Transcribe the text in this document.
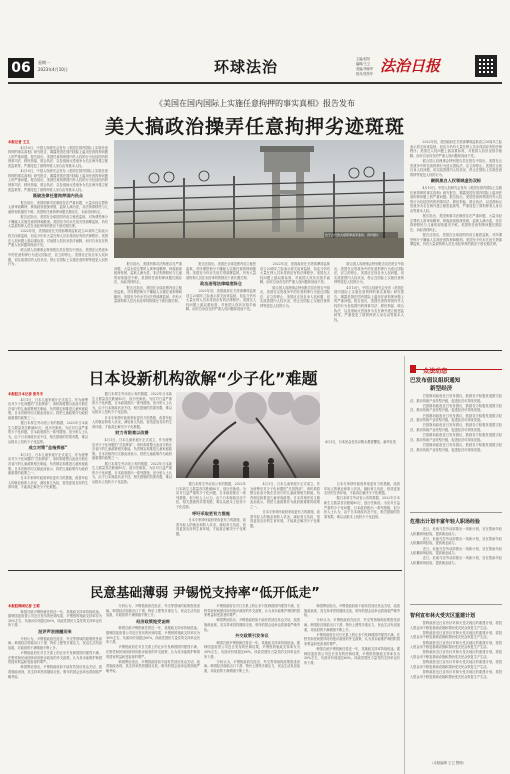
06	星期一
2023年4月10日	环球法治	主编/赵阳
编辑/王卫
美编/李晓军
校对/张彤华 法治日报
《美国在国内国际上实施任意拘押的事实真相》报告发布
美大搞政治操弄任意拘押劣迹斑斑
本报记者 王卫

　　4月10日，中国人权研究会发布《美国在国内国际上实施任意拘押的事实真相》研究报告，揭露美国在国内国际上滥用任意拘押问题上的严重问题。报告指出，美国任意拘押国内外人权的行为包括国内的刑事司法、移民拘留、联合执法、以及借助反恐战争为名在海外建立秘密监狱等，严重侵犯了被拘押者人身自由等基本人权。

　　4月10日，中国人权研究会发布《美国在国内国际上实施任意拘押的事实真相》研究报告，揭露美国在国内国际上滥用任意拘押问题上的严重问题。报告指出，美国任意拘押国内外人权的行为包括国内的刑事司法、移民拘留、联合执法、以及借助反恐战争为名在海外建立秘密监狱等，严重侵犯了被拘押者人身自由等基本人权。

既破法律任意拘押国内民众

　　报告指出，美国刑事司法制度存在严重问题，大量未经定罪的人被审前羁押，种族歧视根深蒂固，监狱人满为患，非法拘押移民与儿童的现象屡见不鲜。美国的任意拘押问题长期存在，未能得到纠正。

　　报告还指出，美国在全球范围内设立秘密监狱，对所谓恐怖分子嫌疑人实施任意拘押和酷刑。美国至今仍未关闭关塔那摩监狱，仍有大量被拘押人员在未经审判的情况下被长期关押。

　　2022年初，美国政府在关塔那摩湾监狱设立20周年之际表示将关闭该监狱，但迄今仍有大量在押人员未得到应有的法律程序。美国在人权问题上搞双重标准，对他国人权状况指手画脚，而对自身存在的严重人权问题却视而不见。

　　联合国人权理事会特别报告员在报告中指出，美国在反恐战争中的任意拘押行为违反国际法，应立即停止。美国应正视自身人权问题，切实改善国内人权状况，停止在国际上实施任意拘押等侵犯人权的行为。

位于古巴的关塔那摩美军监狱。资料图片

　　报告指出，美国刑事司法制度存在严重问题，大量未经定罪的人被审前羁押，种族歧视根深蒂固，监狱人满为患，非法拘押移民与儿童的现象屡见不鲜。美国的任意拘押问题长期存在，未能得到纠正。

　　报告还指出，美国在全球范围内设立秘密监狱，对所谓恐怖分子嫌疑人实施任意拘押和酷刑。美国至今仍未关闭关塔那摩监狱，仍有大量被拘押人员在未经审判的情况下被长期关押。

　　报告还指出，美国在全球范围内设立秘密监狱，对所谓恐怖分子嫌疑人实施任意拘押和酷刑。美国至今仍未关闭关塔那摩监狱，仍有大量被拘押人员在未经审判的情况下被长期关押。

政治凌驾法律暗度陈仓

　　2022年初，美国政府在关塔那摩湾监狱设立20周年之际表示将关闭该监狱，但迄今仍有大量在押人员未得到应有的法律程序。美国在人权问题上搞双重标准，对他国人权状况指手画脚，而对自身存在的严重人权问题却视而不见。

　　2022年初，美国政府在关塔那摩湾监狱设立20周年之际表示将关闭该监狱，但迄今仍有大量在押人员未得到应有的法律程序。美国在人权问题上搞双重标准，对他国人权状况指手画脚，而对自身存在的严重人权问题却视而不见。

　　联合国人权理事会特别报告员在报告中指出，美国在反恐战争中的任意拘押行为违反国际法，应立即停止。美国应正视自身人权问题，切实改善国内人权状况，停止在国际上实施任意拘押等侵犯人权的行为。

　　联合国人权理事会特别报告员在报告中指出，美国在反恐战争中的任意拘押行为违反国际法，应立即停止。美国应正视自身人权问题，切实改善国内人权状况，停止在国际上实施任意拘押等侵犯人权的行为。

　　4月10日，中国人权研究会发布《美国在国内国际上实施任意拘押的事实真相》研究报告，揭露美国在国内国际上滥用任意拘押问题上的严重问题。报告指出，美国任意拘押国内外人权的行为包括国内的刑事司法、移民拘留、联合执法、以及借助反恐战争为名在海外建立秘密监狱等，严重侵犯了被拘押者人身自由等基本人权。

　　2022年初，美国政府在关塔那摩湾监狱设立20周年之际表示将关闭该监狱，但迄今仍有大量在押人员未得到应有的法律程序。美国在人权问题上搞双重标准，对他国人权状况指手画脚，而对自身存在的严重人权问题却视而不见。

　　联合国人权理事会特别报告员在报告中指出，美国在反恐战争中的任意拘押行为违反国际法，应立即停止。美国应正视自身人权问题，切实改善国内人权状况，停止在国际上实施任意拘押等侵犯人权的行为。

颠倒黑白人权领域虚伪双标

　　4月10日，中国人权研究会发布《美国在国内国际上实施任意拘押的事实真相》研究报告，揭露美国在国内国际上滥用任意拘押问题上的严重问题。报告指出，美国任意拘押国内外人权的行为包括国内的刑事司法、移民拘留、联合执法、以及借助反恐战争为名在海外建立秘密监狱等，严重侵犯了被拘押者人身自由等基本人权。

　　报告指出，美国刑事司法制度存在严重问题，大量未经定罪的人被审前羁押，种族歧视根深蒂固，监狱人满为患，非法拘押移民与儿童的现象屡见不鲜。美国的任意拘押问题长期存在，未能得到纠正。

　　报告还指出，美国在全球范围内设立秘密监狱，对所谓恐怖分子嫌疑人实施任意拘押和酷刑。美国至今仍未关闭关塔那摩监狱，仍有大量被拘押人员在未经审判的情况下被长期关押。

日本设新机构欲解“少子化”难题
本报驻日本记者 张冬冬

　　4月1日，日本儿童家庭厅正式成立，作为统筹应对少子化问题的“总指挥部”，该机构将整合此前分散在各省厅的儿童政策相关职能，负责制定和推进儿童家庭政策。日本首相岸田文雄此前表示，将把儿童政策作为政府最重要的政策之一。

　　据日本厚生劳动省公布的数据，2022年日本新生儿数量首次跌破80万，创历史新低。为应对日益严重的少子化问题，日本政府推出一系列措施，但分析人士认为，由于日本财政状况不佳，相关措施的效果有限，难以从根本上扭转少子化趋势。

成立对策“总指挥部”

　　4月1日，日本儿童家庭厅正式成立，作为统筹应对少子化问题的“总指挥部”，该机构将整合此前分散在各省厅的儿童政策相关职能，负责制定和推进儿童家庭政策。日本首相岸田文雄此前表示，将把儿童政策作为政府最重要的政策之一。

　　日本专家呼吁政府采取更有力的措施，改善年轻人的就业和收入状况，减轻育儿负担，营造更加友好的生育环境，才能真正解决少子化难题。

　　据日本厚生劳动省公布的数据，2022年日本新生儿数量首次跌破80万，创历史新低。为应对日益严重的少子化问题，日本政府推出一系列措施，但分析人士认为，由于日本财政状况不佳，相关措施的效果有限，难以从根本上扭转少子化趋势。

　　日本专家呼吁政府采取更有力的措施，改善年轻人的就业和收入状况，减轻育儿负担，营造更加友好的生育环境，才能真正解决少子化难题。

财力有限难以改善

　　4月1日，日本儿童家庭厅正式成立，作为统筹应对少子化问题的“总指挥部”，该机构将整合此前分散在各省厅的儿童政策相关职能，负责制定和推进儿童家庭政策。日本首相岸田文雄此前表示，将把儿童政策作为政府最重要的政策之一。

　　据日本厚生劳动省公布的数据，2022年日本新生儿数量首次跌破80万，创历史新低。为应对日益严重的少子化问题，日本政府推出一系列措施，但分析人士认为，由于日本财政状况不佳，相关措施的效果有限，难以从根本上扭转少子化趋势。

4月1日，日本民众在东京街头观赏樱花。新华社发

　　据日本厚生劳动省公布的数据，2022年日本新生儿数量首次跌破80万，创历史新低。为应对日益严重的少子化问题，日本政府推出一系列措施，但分析人士认为，由于日本财政状况不佳，相关措施的效果有限，难以从根本上扭转少子化趋势。

呼吁采取更有力措施

　　日本专家呼吁政府采取更有力的措施，改善年轻人的就业和收入状况，减轻育儿负担，营造更加友好的生育环境，才能真正解决少子化难题。

　　4月1日，日本儿童家庭厅正式成立，作为统筹应对少子化问题的“总指挥部”，该机构将整合此前分散在各省厅的儿童政策相关职能，负责制定和推进儿童家庭政策。日本首相岸田文雄此前表示，将把儿童政策作为政府最重要的政策之一。

　　日本专家呼吁政府采取更有力的措施，改善年轻人的就业和收入状况，减轻育儿负担，营造更加友好的生育环境，才能真正解决少子化难题。

　　日本专家呼吁政府采取更有力的措施，改善年轻人的就业和收入状况，减轻育儿负担，营造更加友好的生育环境，才能真正解决少子化难题。

　　据日本厚生劳动省公布的数据，2022年日本新生儿数量首次跌破80万，创历史新低。为应对日益严重的少子化问题，日本政府推出一系列措施，但分析人士认为，由于日本财政状况不佳，相关措施的效果有限，难以从根本上扭转少子化趋势。

民意基础薄弱 尹锡悦支持率“低开低走”
本报驻韩国记者 王莉

　　韩国总统尹锡悦就任将近一年，其施政支持率持续低迷。据韩国盖洛普公司近日发布的民调结果，尹锡悦的施政支持率仅为30%左右，负面评价则超过60%，执政党国民力量党的支持率也有所下滑。

批评声浪接踵而来

　　分析认为，尹锡悦政府在经济、外交等领域的政策饱受诟病。韩国经济面临出口下滑、物价上涨等多重压力，民众生活负担加重，对政府的不满情绪不断上升。

　　尹锡悦政府在对日关系上的让步引发韩国国内强烈不满，在野党和民间团体纷纷批评政府的外交政策，认为其未能维护韩国的国家利益和受害者的尊严。

　　韩国舆论指出，尹锡悦政府如不能有效回应民众关切，改善施政表现，其支持率恐将继续走低，明年的国会选举也将面临严峻考验。

　　分析认为，尹锡悦政府在经济、外交等领域的政策饱受诟病。韩国经济面临出口下滑、物价上涨等多重压力，民众生活负担加重，对政府的不满情绪不断上升。

经济政策饱受诟病

　　韩国总统尹锡悦就任将近一年，其施政支持率持续低迷。据韩国盖洛普公司近日发布的民调结果，尹锡悦的施政支持率仅为30%左右，负面评价则超过60%，执政党国民力量党的支持率也有所下滑。

　　尹锡悦政府在对日关系上的让步引发韩国国内强烈不满，在野党和民间团体纷纷批评政府的外交政策，认为其未能维护韩国的国家利益和受害者的尊严。

　　韩国舆论指出，尹锡悦政府如不能有效回应民众关切，改善施政表现，其支持率恐将继续走低，明年的国会选举也将面临严峻考验。

　　尹锡悦政府在对日关系上的让步引发韩国国内强烈不满，在野党和民间团体纷纷批评政府的外交政策，认为其未能维护韩国的国家利益和受害者的尊严。

　　韩国舆论指出，尹锡悦政府如不能有效回应民众关切，改善施政表现，其支持率恐将继续走低，明年的国会选举也将面临严峻考验。

外交政策引发争议

　　韩国总统尹锡悦就任将近一年，其施政支持率持续低迷。据韩国盖洛普公司近日发布的民调结果，尹锡悦的施政支持率仅为30%左右，负面评价则超过60%，执政党国民力量党的支持率也有所下滑。

　　分析认为，尹锡悦政府在经济、外交等领域的政策饱受诟病。韩国经济面临出口下滑、物价上涨等多重压力，民众生活负担加重，对政府的不满情绪不断上升。

　　韩国舆论指出，尹锡悦政府如不能有效回应民众关切，改善施政表现，其支持率恐将继续走低，明年的国会选举也将面临严峻考验。

　　分析认为，尹锡悦政府在经济、外交等领域的政策饱受诟病。韩国经济面临出口下滑、物价上涨等多重压力，民众生活负担加重，对政府的不满情绪不断上升。

　　尹锡悦政府在对日关系上的让步引发韩国国内强烈不满，在野党和民间团体纷纷批评政府的外交政策，认为其未能维护韩国的国家利益和受害者的尊严。

　　韩国总统尹锡悦就任将近一年，其施政支持率持续低迷。据韩国盖洛普公司近日发布的民调结果，尹锡悦的施政支持率仅为30%左右，负面评价则超过60%，执政党国民力量党的支持率也有所下滑。

众法动态
巴发布倡议组织通知
新型经济

　　巴基斯坦政府近日发布倡议，鼓励各方积极发展数字经济，推动传统产业转型升级，促进经济可持续发展。

　　巴基斯坦政府近日发布倡议，鼓励各方积极发展数字经济，推动传统产业转型升级，促进经济可持续发展。

　　巴基斯坦政府近日发布倡议，鼓励各方积极发展数字经济，推动传统产业转型升级，促进经济可持续发展。

　　巴基斯坦政府近日发布倡议，鼓励各方积极发展数字经济，推动传统产业转型升级，促进经济可持续发展。

　　巴基斯坦政府近日发布倡议，鼓励各方积极发展数字经济，推动传统产业转型升级，促进经济可持续发展。

　　巴基斯坦政府近日发布倡议，鼓励各方积极发展数字经济，推动传统产业转型升级，促进经济可持续发展。

危推出计划丰富年轻人职场经验

　　近日，危地马拉劳动部推出一项新计划，旨在帮助年轻人积累职场经验，提高就业能力。

　　近日，危地马拉劳动部推出一项新计划，旨在帮助年轻人积累职场经验，提高就业能力。

　　近日，危地马拉劳动部推出一项新计划，旨在帮助年轻人积累职场经验，提高就业能力。

　　近日，危地马拉劳动部推出一项新计划，旨在帮助年轻人积累职场经验，提高就业能力。

智利宣布林火受灾区重建计划

　　智利政府近日宣布针对林火受灾地区的重建计划，将投入资金用于修复基础设施和帮助受灾民众恢复生产生活。

　　智利政府近日宣布针对林火受灾地区的重建计划，将投入资金用于修复基础设施和帮助受灾民众恢复生产生活。

　　智利政府近日宣布针对林火受灾地区的重建计划，将投入资金用于修复基础设施和帮助受灾民众恢复生产生活。

　　智利政府近日宣布针对林火受灾地区的重建计划，将投入资金用于修复基础设施和帮助受灾民众恢复生产生活。

　　智利政府近日宣布针对林火受灾地区的重建计划，将投入资金用于修复基础设施和帮助受灾民众恢复生产生活。

　　智利政府近日宣布针对林火受灾地区的重建计划，将投入资金用于修复基础设施和帮助受灾民众恢复生产生活。

（本版编辑 王卫 整理）
